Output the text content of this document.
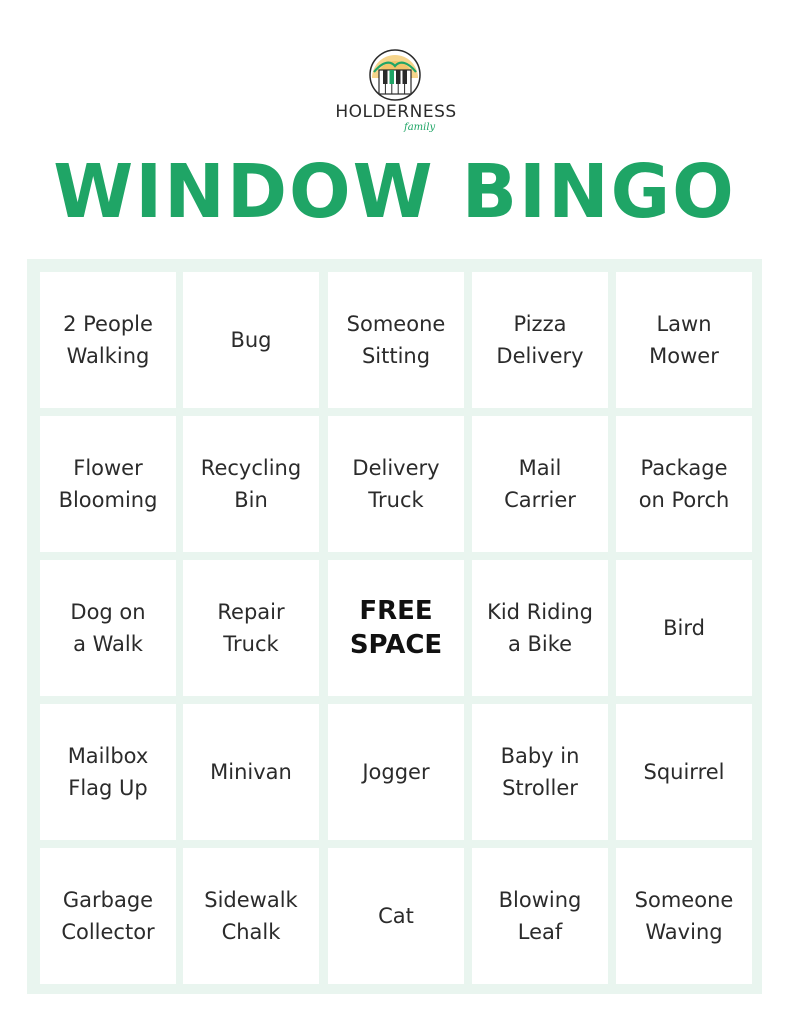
HOLDERNESS
family
WINDOW BINGO
2 People
Walking
Bug
Someone
Sitting
Pizza
Delivery
Lawn
Mower
Flower
Blooming
Recycling
Bin
Delivery
Truck
Mail
Carrier
Package
on Porch
Dog on
a Walk
Repair
Truck
FREE
SPACE
Kid Riding
a Bike
Bird
Mailbox
Flag Up
Minivan	Jogger
Baby in
Stroller
Squirrel
Garbage
Collector
Sidewalk
Chalk
Cat
Blowing
Leaf
Someone
Waving
